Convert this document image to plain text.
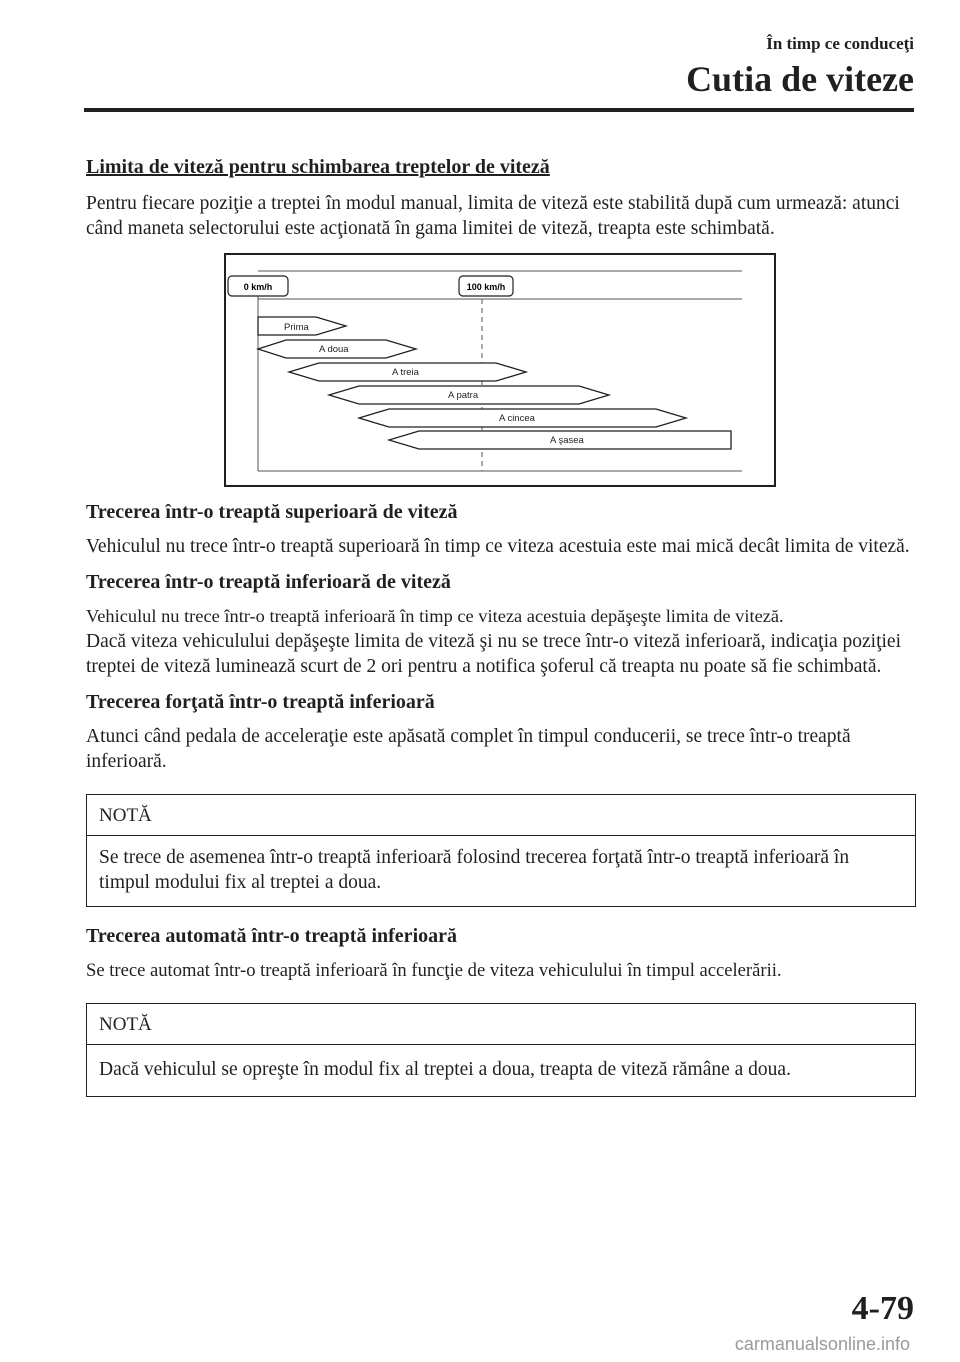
În timp ce conduceţi
Cutia de viteze
Limita de viteză pentru schimbarea treptelor de viteză
Pentru fiecare poziţie a treptei în modul manual, limita de viteză este stabilită după cum urmează: atunci când maneta selectorului este acţionată în gama limitei de viteză, treapta este schimbată.
0 km/h	100 km/h
Prima
A doua
A treia
A patra
A cincea
A şasea
Trecerea într-o treaptă superioară de viteză
Vehiculul nu trece într-o treaptă superioară în timp ce viteza acestuia este mai mică decât limita de viteză.
Trecerea într-o treaptă inferioară de viteză
Vehiculul nu trece într-o treaptă inferioară în timp ce viteza acestuia depăşeşte limita de viteză.
Dacă viteza vehiculului depăşeşte limita de viteză şi nu se trece într-o viteză inferioară, indicaţia poziţiei treptei de viteză luminează scurt de 2 ori pentru a notifica şoferul că treapta nu poate să fie schimbată.
Trecerea forţată într-o treaptă inferioară
Atunci când pedala de acceleraţie este apăsată complet în timpul conducerii, se trece într-o treaptă inferioară.
NOTĂ
Se trece de asemenea într-o treaptă inferioară folosind trecerea forţată într-o treaptă inferioară în timpul modului fix al treptei a doua.
Trecerea automată într-o treaptă inferioară
Se trece automat într-o treaptă inferioară în funcţie de viteza vehiculului în timpul accelerării.
NOTĂ
Dacă vehiculul se opreşte în modul fix al treptei a doua, treapta de viteză rămâne a doua.
4-79
carmanualsonline.info
